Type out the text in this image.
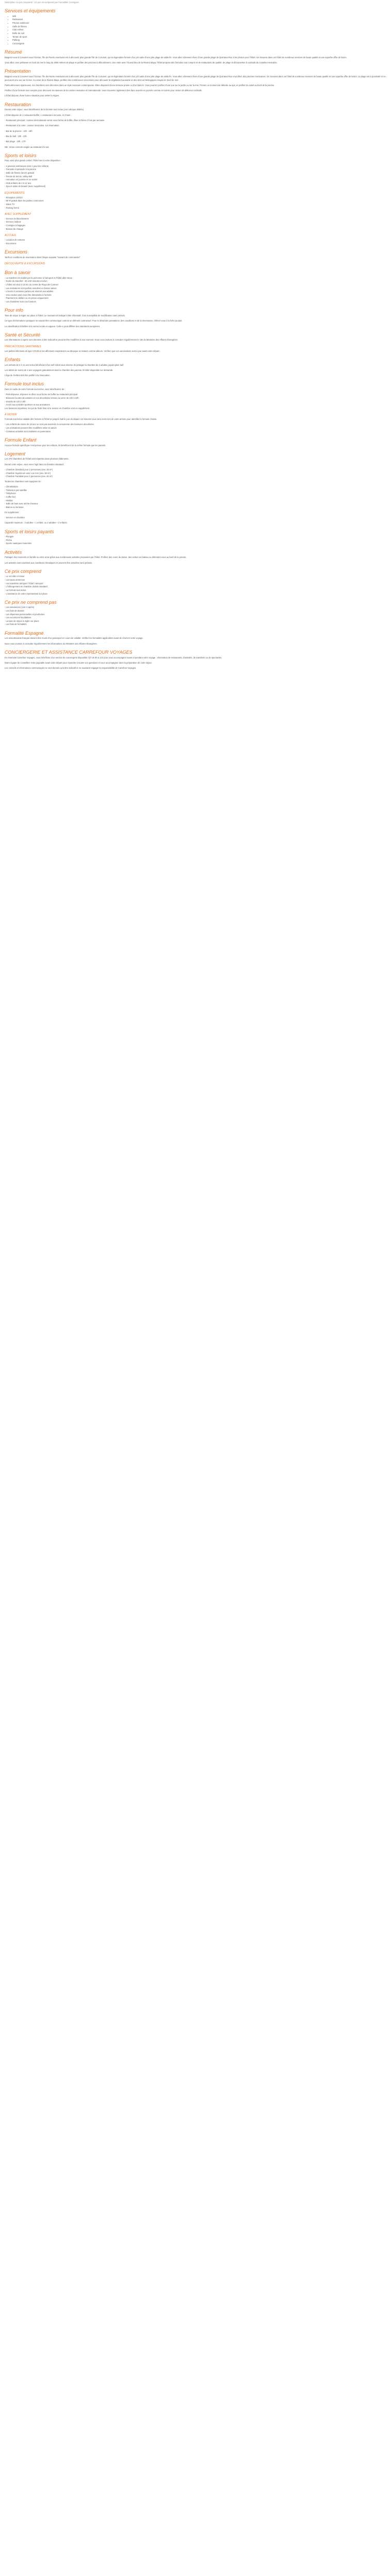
Description Ce prix comprend : Ce prix ne comprend pas Formalités Consignes

Services et équipements
• Wifi
• Restaurant
• Piscine extérieure
• Salle de fitness
• Club enfant
• Boîte de nuit
• Terrain de sport
• Parking
• Conciergerie
Résumé

Baignez-vous à Cosumel sous l'Océan, l'île de Puerto Aventuras est à découvrir plus grande l'île de Cozumel, qui sa légendaire formée d'un joli cadre d'une jolie plage de sable fin. Vous allez sûrement rêver d'une grande plage de Quintana Roo à les photos pour l'hôtel. On trouvera dans cet hôtel de nombreux services de haute qualité et une superbe offre de loisirs.

Vous allez vous prélasser en bord de mer le long du 4000 mètres de plage et profiter des piscines à débordement. Une vraie avec l'Ouest bleu de la Riviera Maya, l'hôtel propose des formules tout compris et de restaurants de qualité, de plage et découvertes à cocktails du Caraïbe mexicaine.

Présentation

Baignez-vous à Cosumel sous l'Océan, l'île de Puerto Aventuras est à découvrir plus grande l'île de Cozumel, qui sa légendaire formée d'un joli cadre d'une jolie plage de sable fin. Vous allez sûrement rêver d'une grande plage de Quintana Roo et profitez des piscines mexicaines. On trouvera dans cet hôtel de nombreux services de haute qualité et une superbe offre de loisirs. La plage est à proximité et on peut avoir une vue sur la mer. Au cœur de la Riviera Maya, profitez des nombreuses excursions pour découvrir la végétation luxuriante et des sites archéologiques mayas en bord de mer.

Particulièrement spacieuses, les chambres sont décorées dans un style mexicain contemporain. Elles disposent d'une terrasse privée ou d'un balcon. Vous pourrez profiter d'une vue sur le jardin ou sur la mer. Prenez un moment de détente au spa, et profitez du soleil au bord de la piscine.

Profitez d'une formule tout compris pour découvrir les saveurs de la cuisine mexicaine et internationale. Vous trouverez également des bars ouverts en journée comme en soirée pour siroter de délicieux cocktails.

L'hôtel dispose d'une bonne situation pour visiter la région.

Restauration

Durant votre séjour, vous bénéficierez de la formule tout inclus (voir rubrique dédiée).

L'hôtel dispose de 1 restaurant buffet, 1 restaurant à la carte, et 3 bars :

- Restaurant principal : cuisine internationale servie sous forme de buffet, dîner à thème 2 fois par semaine

- Restaurant à la carte : cuisine mexicaine, sur réservation

- Bar de la piscine : 10h - 18h

- Bar du hall : 10h - 23h

- Bar plage : 10h - 17h

NB : tenue correcte exigée au restaurant le soir.

Sports et loisirs

Pour votre plus grand confort, l'hôtel met à votre disposition :

- 2 piscines extérieures dont 1 pour les enfants
- Transats et parasols à la piscine
- Salle de fitness (accès gratuit)
- Terrain de tennis, volley-ball
- Animation en journée et en soirée
- Club enfants de 4 à 12 ans
- Spa et salon de beauté (avec supplément)
ÉQUIPEMENTS
- Réception 24h/24
- Wi-Fi gratuit dans les parties communes
- Salon TV
- Parking fermé
AVEC SUPPLÉMENT
- Service de blanchisserie
- Service médical
- Consigne à bagages
- Bureau de change
ACCUEIL
- Location de voitures
- Excursions
Excursions

Tarifs et conditions de réservation dans l'étape suivante "Suivant de commander"

DÉCOUVERTE & EXCURSIONS
Bon à savoir
- Le transfert est réalisé par la personne à l'aéroport et l'hôtel aller-retour
- Durée du transfert : 40 à 50 minutes environ
- L'hôtel est situé à 15 km du centre de Playa del Carmen
- Les animations sont parfois annulées en basse saison
- L'accès à certaines parties est réservé aux adultes
- Une caution peut vous être demandée à l'arrivée
- Paiement en dollars ou en pesos uniquement
- Les chambres sont non fumeurs
Pour info

Taxe de séjour à régler sur place à l'hôtel. Le montant est indiqué à titre informatif, il est susceptible de modification sans préavis.

Ce type d'informations pratiques ne saurait être communiqué comme un élément contractuel. Pour le détail des prestations, des conditions et de la réservation, référez-vous à la fiche produit.

La classification hôtelière à la norme locale en vigueur. Celle-ci peut différer des standards européens.

Santé et Sécurité

Les informations ci-après sont données à titre indicatif et peuvent être modifiées à tout moment. Nous vous invitons à consulter régulièrement le site du Ministère des Affaires Étrangères.

PRÉCAUTIONS SANITAIRES

Les petites infections de type COVID et les affections respiratoires au Mexique se traitent comme ailleurs. Vérifiez que vos vaccinations sont à jour avant votre départ.

Enfants

Les enfants de 2 à 12 ans inclus bénéficient d'un tarif réduit sous réserve de partager la chambre de 2 adultes payant plein tarif.

Les bébés de moins de 2 ans voyagent gratuitement dans la chambre des parents, lit bébé disponible sur demande.

L'âge de l'enfant doit être justifié à la réservation.

Formule tout inclus

Dans le cadre de votre formule tout inclus, vous bénéficierez de :

- Petit-déjeuner, déjeuner et dîner sous forme de buffet au restaurant principal
- Boissons locales alcoolisées et non alcoolisées servies au verre de 10h à 23h
- Snacks de 11h à 18h
- Accès aux activités sportives et aux animations

Les boissons importées, les jus de fruits frais et le service en chambre sont en supplément.

À NOTER

Formule tout inclus valable dès l'arrivée à l'hôtel et jusqu'à midi le jour du départ. Un bracelet vous sera remis lors de votre arrivée pour identifier la formule choisie.

- Les enfants de moins de 18 ans ne sont pas autorisés à consommer des boissons alcoolisées
- Les animations peuvent être modifiées selon la saison
- Certaines activités sont réalisées en partenariat
Formule Enfant

Aucune formule spécifique n'est prévue pour les enfants, ils bénéficient de la même formule que les parents.

Logement

Les 270 chambres de l'hôtel sont réparties dans plusieurs bâtiments.

Durant votre séjour, vous serez logé dans la chambre standard :

- Chambre Standard pour 2 personnes (env. 35 m²)
- Chambre Supérieure avec vue mer (env. 38 m²)
- Chambre Familiale pour 4 personnes (env. 45 m²)

Toutes les chambres sont équipées de :

- Climatisation
- Télévision par satellite
- Téléphone
- Coffre-fort
- Minibar
- Salle de bain avec sèche-cheveux
- Balcon ou terrasse

En supplément :

- Service en chambre

Capacité maximum : 3 adultes + 1 enfant, ou 2 adultes + 2 enfants.

Sports et loisirs payants
- Plongée
- Pêche
- Sports nautiques motorisés
Activités

Partagez des moments en famille ou entre amis grâce aux nombreuses activités proposées par l'hôtel. Profitez des cours de danse, des sorties en bateau ou détendez-vous au bord de la piscine.

Les activités sont soumises aux conditions climatiques et peuvent être annulées sans préavis.

Ce prix comprend
- Le vol aller et retour
- Les taxes aériennes
- Les transferts aéroport / hôtel / aéroport
- L'hébergement en chambre double standard
- La formule tout inclus
- L'assistance de notre représentant sur place
Ce prix ne comprend pas
- Les assurances (voir ci-après)
- Les frais de dossier
- Les dépenses personnelles et pourboires
- Les excursions facultatives
- La taxe de séjour à régler sur place
- Les frais de formalités
Formalité Espagne

Les ressortissants français doivent être munis d'un passeport en cours de validité. Vérifiez les formalités applicables avant de réserver votre voyage.

Nous vous invitons à consulter régulièrement les informations du Ministère des Affaires Étrangères.

CONCIERGERIE ET ASSISTANCE CARREFOUR VOYAGES

En réservant Carrefour Voyages, vous bénéficiez d'un service de conciergerie disponible 7j/7 de 9h à 21h pour vous accompagner avant et pendant votre voyage : réservation de restaurants, d'activités, de transferts ou de spectacles.

Notre équipe de conseillers reste joignable avant votre départ pour répondre à toutes vos questions et vous accompagner dans la préparation de votre séjour.

Les conseils et informations communiqués ne sont donnés qu'à titre indicatif et ne sauraient engager la responsabilité de Carrefour Voyages.
